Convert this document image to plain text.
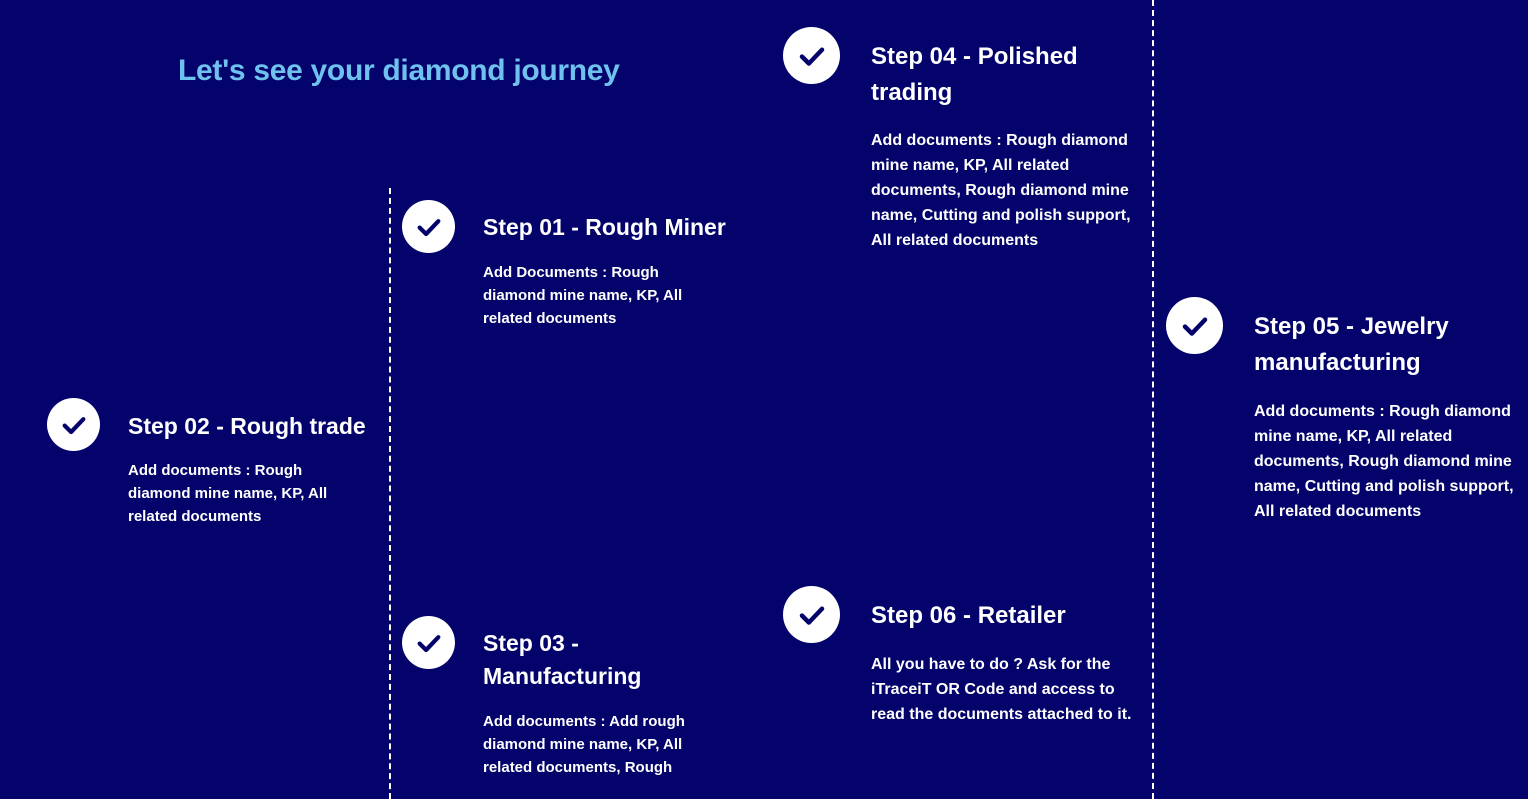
Let's see your diamond journey
Step 01 - Rough Miner

Add Documents : Rough diamond mine name, KP, All related documents

Step 02 - Rough trade

Add documents : Rough diamond mine name, KP, All related documents

Step 03 - Manufacturing

Add documents : Add rough diamond mine name, KP, All related documents, Rough

Step 04 - Polished trading

Add documents : Rough diamond mine name, KP, All related documents, Rough diamond mine name, Cutting and polish support, All related documents

Step 05 - Jewelry manufacturing

Add documents : Rough diamond mine name, KP, All related documents, Rough diamond mine name, Cutting and polish support, All related documents

Step 06 - Retailer

All you have to do ? Ask for the iTraceiT OR Code and access to read the documents attached to it.
